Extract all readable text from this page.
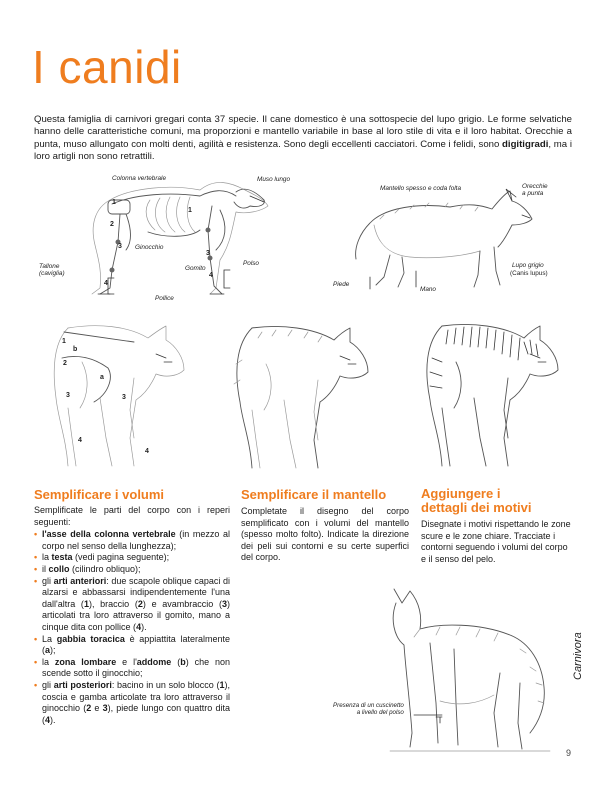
I canidi
Questa famiglia di carnivori gregari conta 37 specie. Il cane domestico è una sottospecie del lupo grigio. Le forme selvatiche hanno delle caratteristiche comuni, ma proporzioni e mantello variabile in base al loro stile di vita e il loro habitat. Orecchie a punta, muso allungato con molti denti, agilità e resistenza. Sono degli eccellenti cacciatori. Come i felidi, sono digitigradi, ma i loro artigli non sono retrattili.
1
1
2
3
3
4
4
Colonna vertebrale	Muso lungo
Ginocchio
Polso
Gomito
Tallone
(caviglia)
Pollice
Mantello spesso e coda folta	Orecchie
a punta
Lupo grigio
(Canis lupus)
Piede
Mano
1
b
2
a
3	3
4
4
Semplificare i volumi
Semplificate le parti del corpo con i reperi seguenti:
• l'asse della colonna vertebrale (in mezzo al corpo nel senso della lunghezza);
• la testa (vedi pagina seguente);
• il collo (cilindro obliquo);
• gli arti anteriori: due scapole oblique capaci di alzarsi e abbassarsi indipendentemente l'una dall'altra (1), braccio (2) e avambraccio (3) articolati tra loro attraverso il gomito, mano a cinque dita con pollice (4).
• La gabbia toracica è appiattita lateralmente (a);
• la zona lombare e l'addome (b) che non scende sotto il ginocchio;
• gli arti posteriori: bacino in un solo blocco (1), coscia e gamba articolate tra loro attraverso il ginocchio (2 e 3), piede lungo con quattro dita (4).
Semplificare il mantello
Completate il disegno del corpo semplificato con i volumi del mantello (spesso molto folto). Indicate la direzione dei peli sui contorni e su certe superfici del corpo.
Aggiungere i
dettagli dei motivi
Disegnate i motivi rispettando le zone scure e le zone chiare. Tracciate i contorni seguendo i volumi del corpo e il senso del pelo.
Presenza di un cuscinetto
a livello del polso
Carnivora
9
